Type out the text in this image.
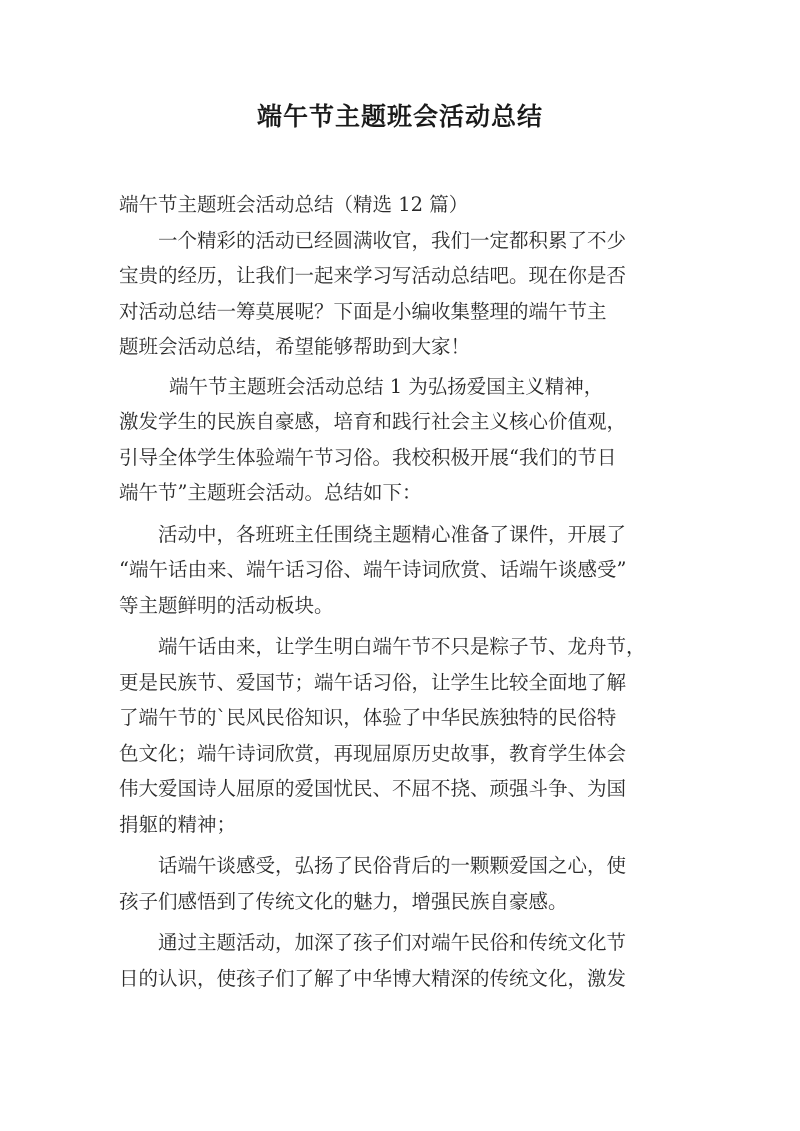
端午节主题班会活动总结
端午节主题班会活动总结（精选 12 篇）
一个精彩的活动已经圆满收官，我们一定都积累了不少
宝贵的经历，让我们一起来学习写活动总结吧。现在你是否
对活动总结一筹莫展呢？下面是小编收集整理的端午节主
题班会活动总结，希望能够帮助到大家！
端午节主题班会活动总结 1 为弘扬爱国主义精神，
激发学生的民族自豪感，培育和践行社会主义核心价值观，
引导全体学生体验端午节习俗。我校积极开展“我们的节日
端午节”主题班会活动。总结如下：
活动中，各班班主任围绕主题精心准备了课件，开展了
“端午话由来、端午话习俗、端午诗词欣赏、话端午谈感受”
等主题鲜明的活动板块。
端午话由来，让学生明白端午节不只是粽子节、龙舟节，
更是民族节、爱国节；端午话习俗，让学生比较全面地了解
了端午节的`民风民俗知识，体验了中华民族独特的民俗特
色文化；端午诗词欣赏，再现屈原历史故事，教育学生体会
伟大爱国诗人屈原的爱国忧民、不屈不挠、顽强斗争、为国
捐躯的精神；
话端午谈感受，弘扬了民俗背后的一颗颗爱国之心，使
孩子们感悟到了传统文化的魅力，增强民族自豪感。
通过主题活动，加深了孩子们对端午民俗和传统文化节
日的认识，使孩子们了解了中华博大精深的传统文化，激发
